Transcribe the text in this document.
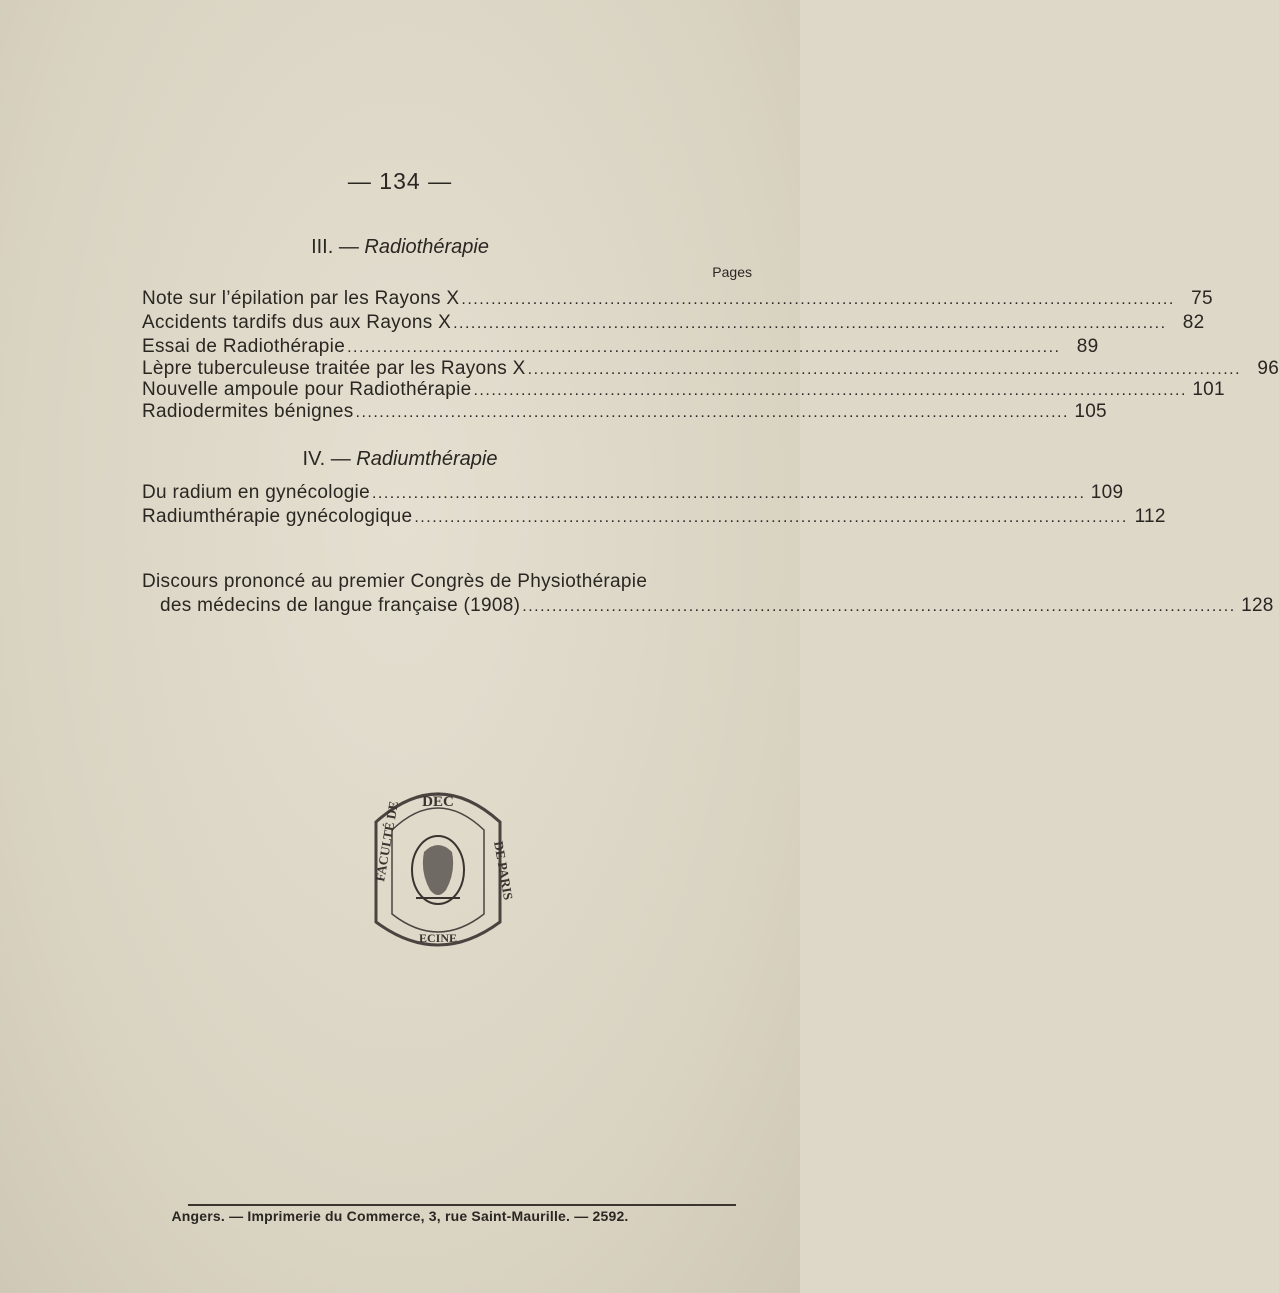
— 134 —
III. — Radiothérapie
Pages
Note sur l’épilation par les Rayons X .....	75
Accidents tardifs dus aux Rayons X .....	82
Essai de Radiothérapie .....	89
Lèpre tuberculeuse traitée par les Rayons X .....	96
Nouvelle ampoule pour Radiothérapie .....	101
Radiodermites bénignes .....	105
IV. — Radiumthérapie
Du radium en gynécologie .....	109
Radiumthérapie gynécologique .....	112
Discours prononcé au premier Congrès de Physiothérapie
des médecins de langue française (1908) .....	128
DÉC
ECINE
FACULTÉ DE	DE PARIS
Angers. — Imprimerie du Commerce, 3, rue Saint-Maurille. — 2592.
